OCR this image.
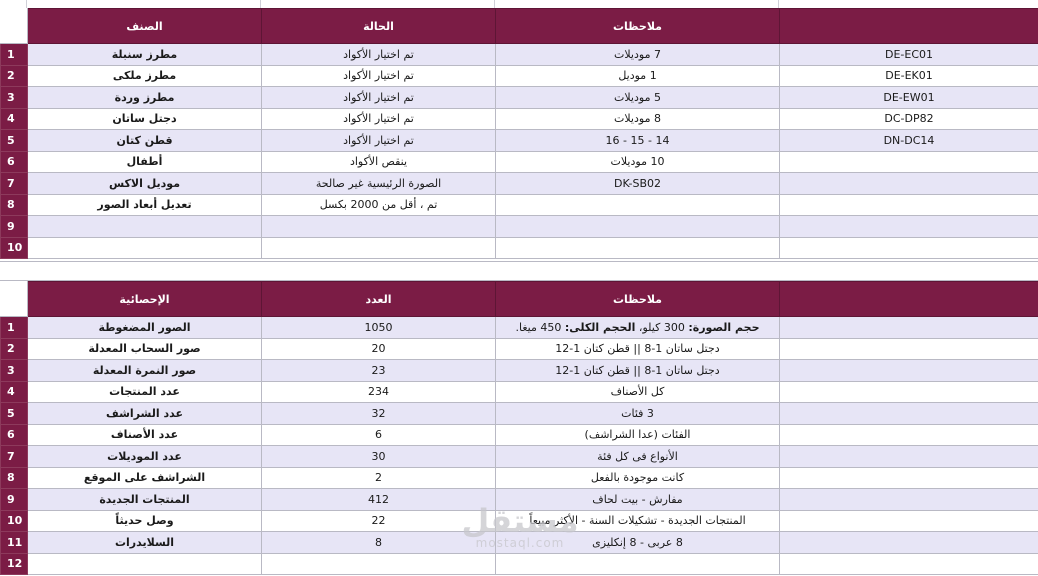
	الصنف	الحالة	ملاحظات	
1	مطرز سنبلة	تم اختيار الأكواد	7 موديلات	DE-EC01
2	مطرز ملكى	تم اختيار الأكواد	1 موديل	DE-EK01
3	مطرز وردة	تم اختيار الأكواد	5 موديلات	DE-EW01
4	دجتل ساتان	تم اختيار الأكواد	8 موديلات	DC-DP82
5	قطن كتان	تم اختيار الأكواد	14 - 15 - 16	DN-DC14
6	أطفال	ينقص الأكواد	10 موديلات	
7	موديل الاكس	الصورة الرئيسية غير صالحة	DK-SB02	
8	تعديل أبعاد الصور	تم ، أقل من 2000 بكسل		
9				
10				
	الإحصائية	العدد	ملاحظات	
1	الصور المضغوطة	1050	حجم الصورة: 300 كيلو، الحجم الكلى: 450 ميغا.	
2	صور السحاب المعدلة	20	دجتل ساتان 1-8 || قطن كتان 1-12	
3	صور النمرة المعدلة	23	دجتل ساتان 1-8 || قطن كتان 1-12	
4	عدد المنتجات	234	كل الأصناف	
5	عدد الشراشف	32	3 فئات	
6	عدد الأصناف	6	الفئات (عدا الشراشف)	
7	عدد الموديلات	30	الأنواع فى كل فئة	
8	الشراشف على الموقع	2	كانت موجودة بالفعل	
9	المنتجات الجديدة	412	مفارش - بيت لحاف	
10	وصل حديثاً	22	المنتجات الجديدة - تشكيلات السنة - الأكثر مبيعاً	
11	السلايدرات	8	8 عربى - 8 إنكليزى	
12				
مستقل
mostaql.com
